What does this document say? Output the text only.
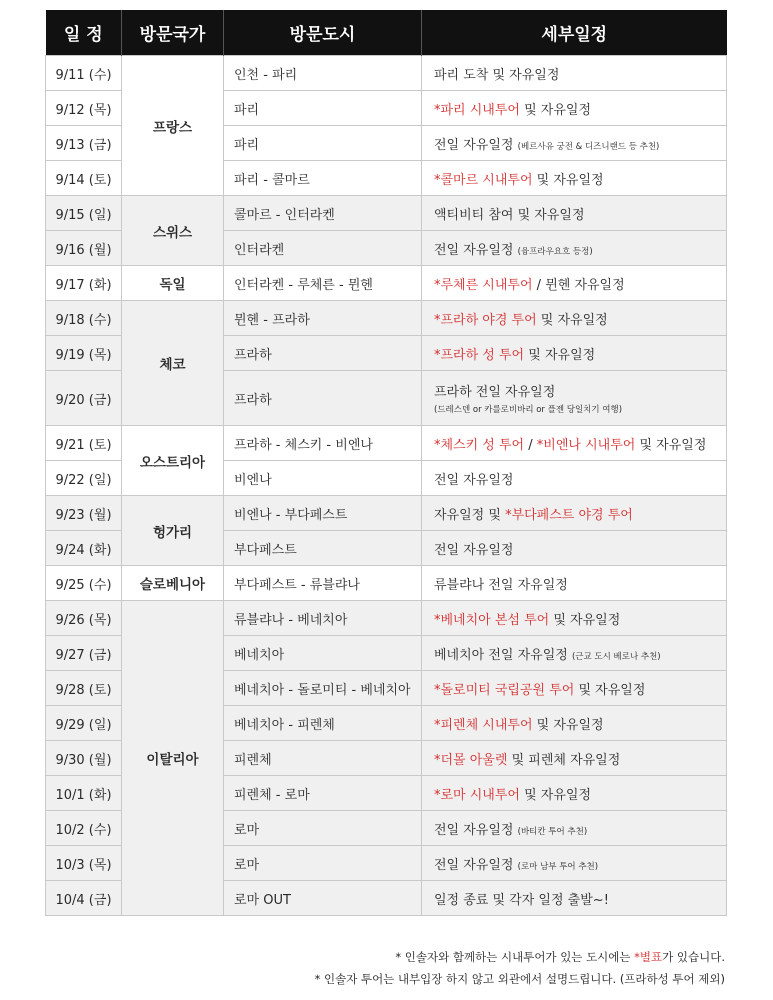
일 정	방문국가	방문도시	세부일정
9/11 (수)	프랑스	인천 - 파리	파리 도착 및 자유일정
9/12 (목)		파리	*파리 시내투어 및 자유일정
9/13 (금)		파리	전일 자유일정 (베르사유 궁전 & 디즈니랜드 등 추천)
9/14 (토)		파리 - 콜마르	*콜마르 시내투어 및 자유일정
9/15 (일)	스위스	콜마르 - 인터라켄	액티비티 참여 및 자유일정
9/16 (월)		인터라켄	전일 자유일정 (융프라우요흐 등정)
9/17 (화)	독일	인터라켄 - 루체른 - 뮌헨	*루체른 시내투어 / 뮌헨 자유일정
9/18 (수)	체코	뮌헨 - 프라하	*프라하 야경 투어 및 자유일정
9/19 (목)		프라하	*프라하 성 투어 및 자유일정
9/20 (금)		프라하	프라하 전일 자유일정
(드레스덴 or 카를로비바리 or 플젠 당일치기 여행)

9/21 (토)	오스트리아	프라하 - 체스키 - 비엔나	*체스키 성 투어 / *비엔나 시내투어 및 자유일정
9/22 (일)		비엔나	전일 자유일정
9/23 (월)	헝가리	비엔나 - 부다페스트	자유일정 및 *부다페스트 야경 투어
9/24 (화)		부다페스트	전일 자유일정
9/25 (수)	슬로베니아	부다페스트 - 류블랴나	류블랴나 전일 자유일정
9/26 (목)	이탈리아	류블랴나 - 베네치아	*베네치아 본섬 투어 및 자유일정
9/27 (금)		베네치아	베네치아 전일 자유일정 (근교 도시 베로나 추천)
9/28 (토)		베네치아 - 돌로미티 - 베네치아	*돌로미티 국립공원 투어 및 자유일정
9/29 (일)		베네치아 - 피렌체	*피렌체 시내투어 및 자유일정
9/30 (월)		피렌체	*더몰 아울렛 및 피렌체 자유일정
10/1 (화)		피렌체 - 로마	*로마 시내투어 및 자유일정
10/2 (수)		로마	전일 자유일정 (바티칸 투어 추천)
10/3 (목)		로마	전일 자유일정 (로마 남부 투어 추천)
10/4 (금)		로마 OUT	일정 종료 및 각자 일정 출발~!
* 인솔자와 함께하는 시내투어가 있는 도시에는 *별표가 있습니다.
* 인솔자 투어는 내부입장 하지 않고 외관에서 설명드립니다. (프라하성 투어 제외)
